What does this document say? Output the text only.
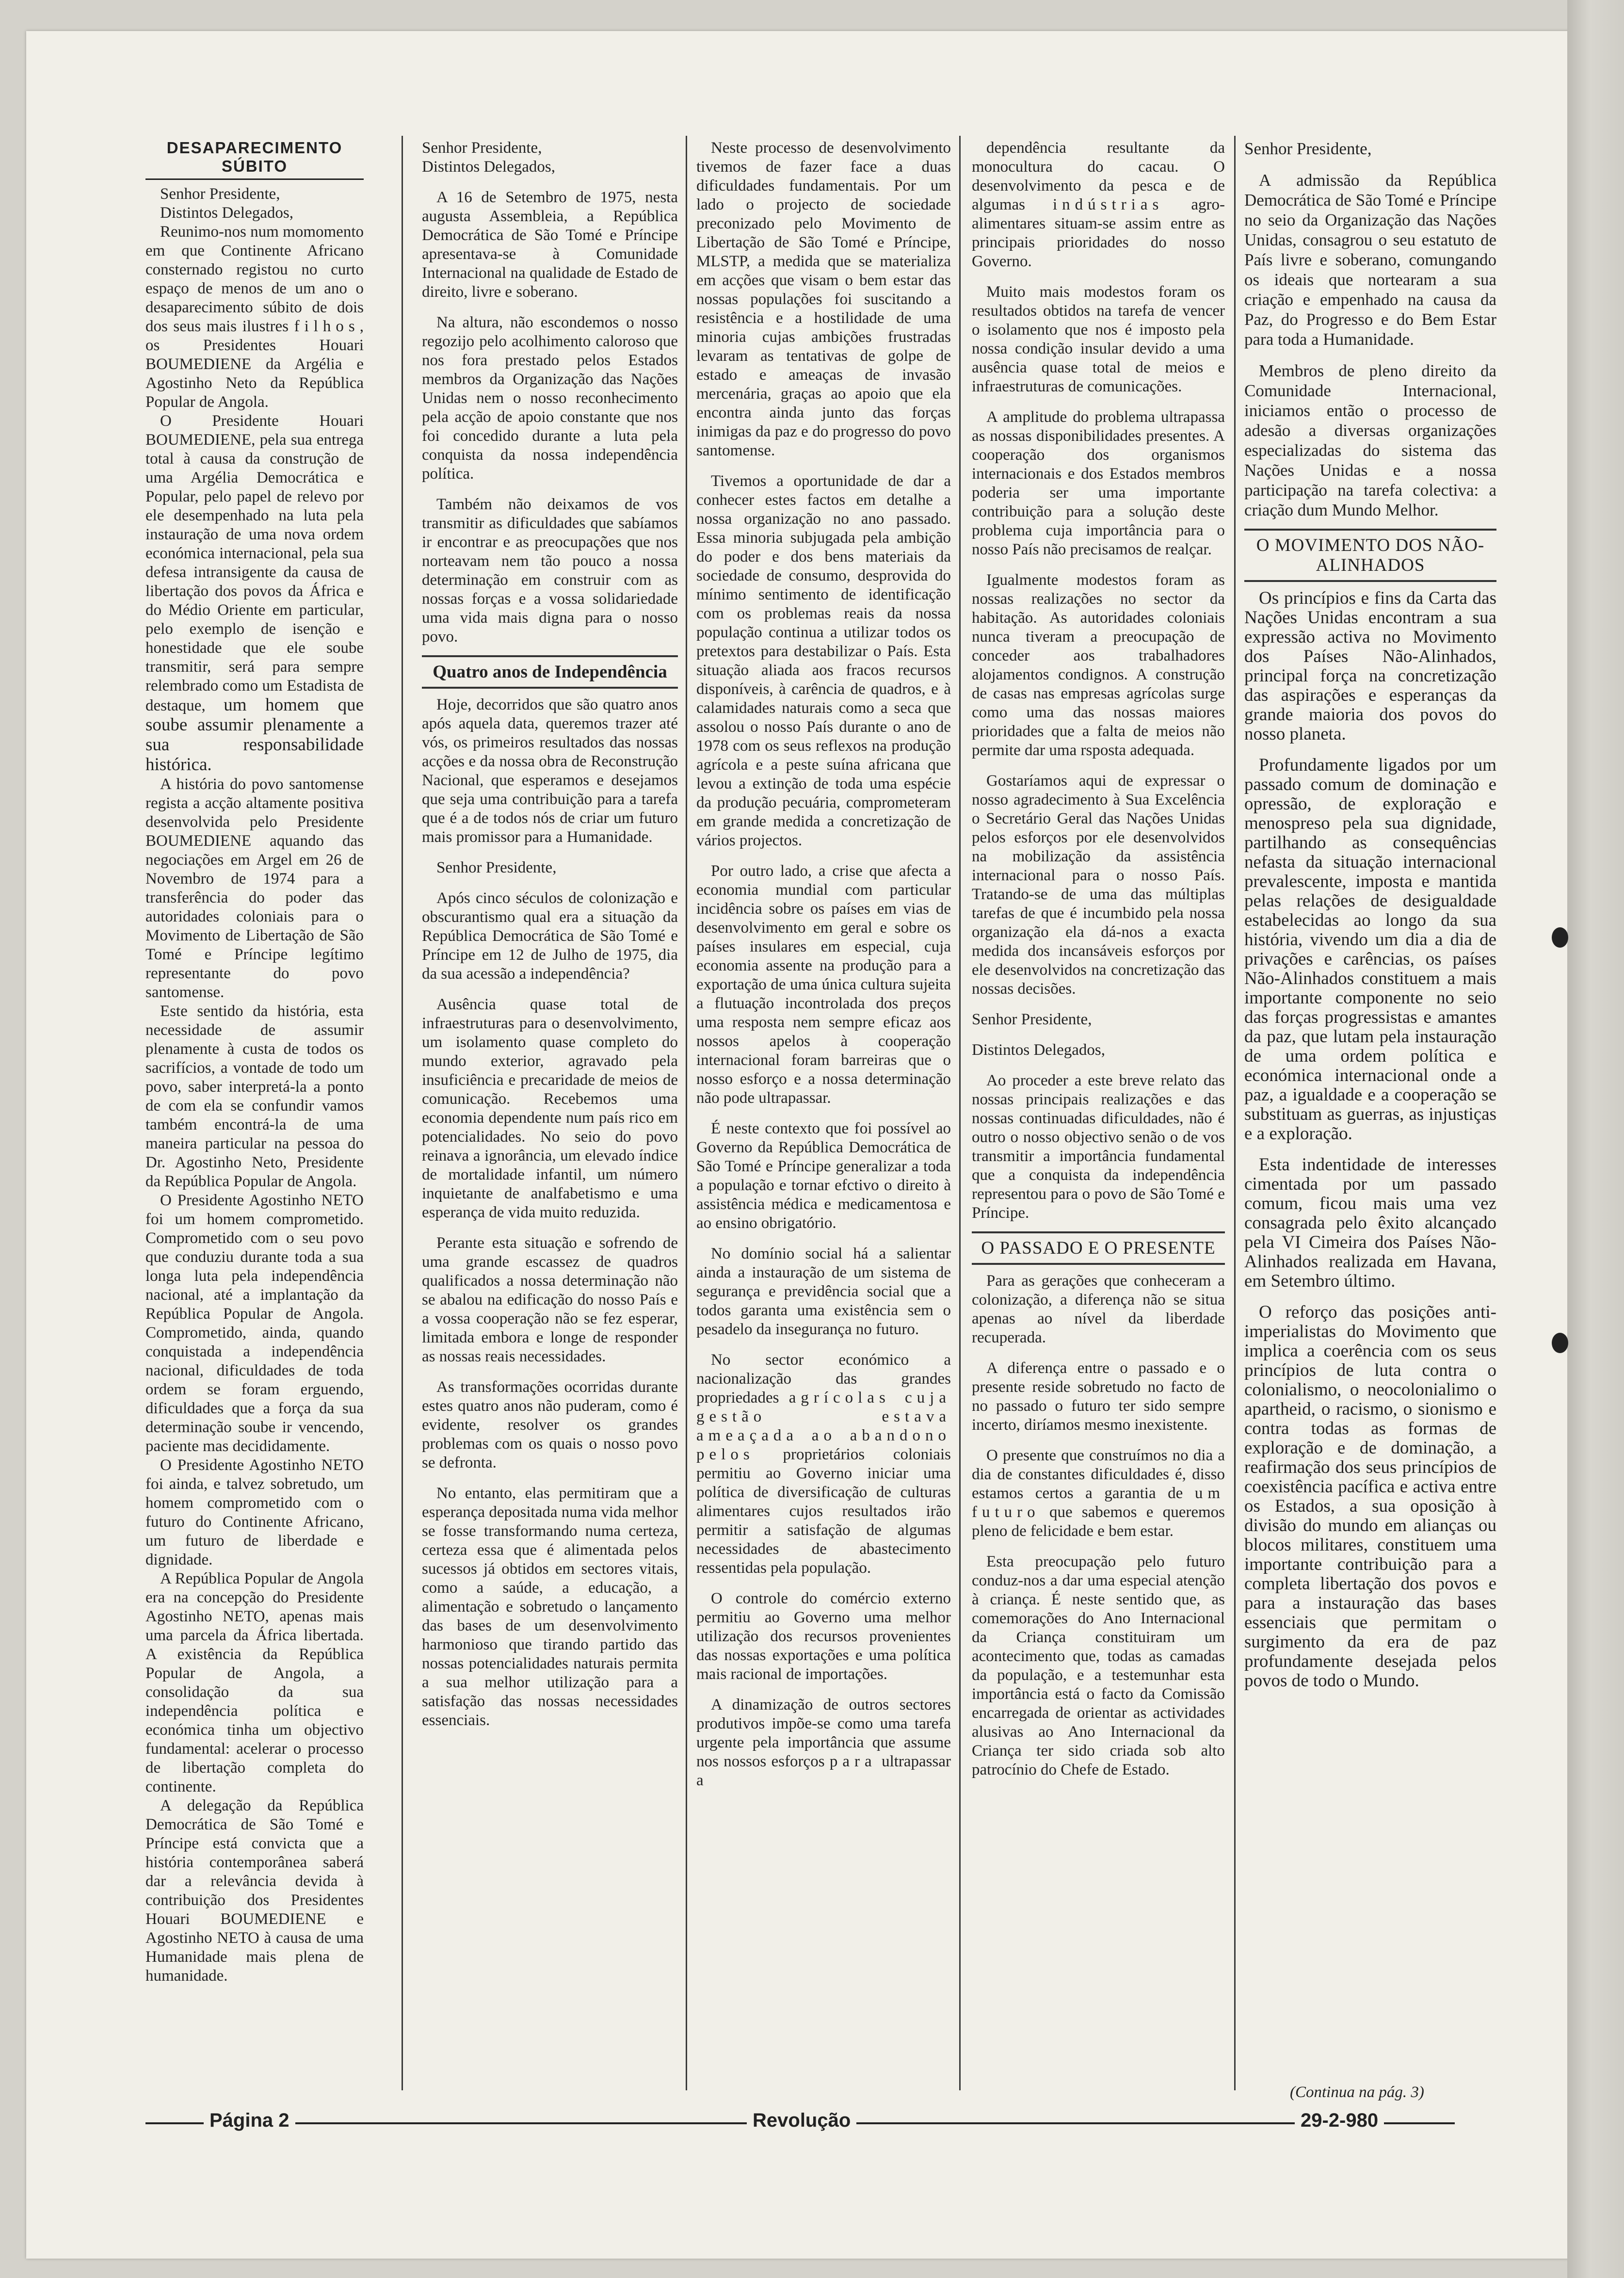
DESAPARECIMENTO SÚBITO

Senhor Presidente,

Distintos Delegados,

Reunimo-nos num momomento em que Continente Africano consternado registou no curto espaço de menos de um ano o desaparecimento súbito de dois dos seus mais ilustres filhos, os Presidentes Houari BOUMEDIENE da Argélia e Agostinho Neto da República Popular de Angola.

O Presidente Houari BOUMEDIENE, pela sua entrega total à causa da construção de uma Argélia Democrática e Popular, pelo papel de relevo por ele desempenhado na luta pela instauração de uma nova ordem económica internacional, pela sua defesa intransigente da causa de libertação dos povos da África e do Médio Oriente em particular, pelo exemplo de isenção e honestidade que ele soube transmitir, será para sempre relembrado como um Estadista de destaque, um homem que soube assumir plenamente a sua responsabilidade histórica.

A história do povo santomense regista a acção altamente positiva desenvolvida pelo Presidente BOUMEDIENE aquando das negociações em Argel em 26 de Novembro de 1974 para a transferência do poder das autoridades coloniais para o Movimento de Libertação de São Tomé e Príncipe legítimo representante do povo santomense.

Este sentido da história, esta necessidade de assumir plenamente à custa de todos os sacrifícios, a vontade de todo um povo, saber interpretá-la a ponto de com ela se confundir vamos também encontrá-la de uma maneira particular na pessoa do Dr. Agostinho Neto, Presidente da República Popular de Angola.

O Presidente Agostinho NETO foi um homem comprometido. Comprometido com o seu povo que conduziu durante toda a sua longa luta pela independência nacional, até a implantação da República Popular de Angola. Comprometido, ainda, quando conquistada a independência nacional, dificuldades de toda ordem se foram erguendo, dificuldades que a força da sua determinação soube ir vencendo, paciente mas decididamente.

O Presidente Agostinho NETO foi ainda, e talvez sobretudo, um homem comprometido com o futuro do Continente Africano, um futuro de liberdade e dignidade.

A República Popular de Angola era na concepção do Presidente Agostinho NETO, apenas mais uma parcela da África libertada. A existência da República Popular de Angola, a consolidação da sua independência política e económica tinha um objectivo fundamental: acelerar o processo de libertação completa do continente.

A delegação da República Democrática de São Tomé e Príncipe está convicta que a história contemporânea saberá dar a relevância devida à contribuição dos Presidentes Houari BOUMEDIENE e Agostinho NETO à causa de uma Humanidade mais plena de humanidade.

Senhor Presidente,

Distintos Delegados,

A 16 de Setembro de 1975, nesta augusta Assembleia, a República Democrática de São Tomé e Príncipe apresentava-se à Comunidade Internacional na qualidade de Estado de direito, livre e soberano.

Na altura, não escondemos o nosso regozijo pelo acolhimento caloroso que nos fora prestado pelos Estados membros da Organização das Nações Unidas nem o nosso reconhecimento pela acção de apoio constante que nos foi concedido durante a luta pela conquista da nossa independência política.

Também não deixamos de vos transmitir as dificuldades que sabíamos ir encontrar e as preocupações que nos norteavam nem tão pouco a nossa determinação em construir com as nossas forças e a vossa solidariedade uma vida mais digna para o nosso povo.

Quatro anos de Independência

Hoje, decorridos que são quatro anos após aquela data, queremos trazer até vós, os primeiros resultados das nossas acções e da nossa obra de Reconstrução Nacional, que esperamos e desejamos que seja uma contribuição para a tarefa que é a de todos nós de criar um futuro mais promissor para a Humanidade.

Senhor Presidente,

Após cinco séculos de colonização e obscurantismo qual era a situação da República Democrática de São Tomé e Príncipe em 12 de Julho de 1975, dia da sua acessão a independência?

Ausência quase total de infraestruturas para o desenvolvimento, um isolamento quase completo do mundo exterior, agravado pela insuficiência e precaridade de meios de comunicação. Recebemos uma economia dependente num país rico em potencialidades. No seio do povo reinava a ignorância, um elevado índice de mortalidade infantil, um número inquietante de analfabetismo e uma esperança de vida muito reduzida.

Perante esta situação e sofrendo de uma grande escassez de quadros qualificados a nossa determinação não se abalou na edificação do nosso País e a vossa cooperação não se fez esperar, limitada embora e longe de responder as nossas reais necessidades.

As transformações ocorridas durante estes quatro anos não puderam, como é evidente, resolver os grandes problemas com os quais o nosso povo se defronta.

No entanto, elas permitiram que a esperança depositada numa vida melhor se fosse transformando numa certeza, certeza essa que é alimentada pelos sucessos já obtidos em sectores vitais, como a saúde, a educação, a alimentação e sobretudo o lançamento das bases de um desenvolvimento harmonioso que tirando partido das nossas potencialidades naturais permita a sua melhor utilização para a satisfação das nossas necessidades essenciais.

Neste processo de desenvolvimento tivemos de fazer face a duas dificuldades fundamentais. Por um lado o projecto de sociedade preconizado pelo Movimento de Libertação de São Tomé e Príncipe, MLSTP, a medida que se materializa em acções que visam o bem estar das nossas populações foi suscitando a resistência e a hostilidade de uma minoria cujas ambições frustradas levaram as tentativas de golpe de estado e ameaças de invasão mercenária, graças ao apoio que ela encontra ainda junto das forças inimigas da paz e do progresso do povo santomense.

Tivemos a oportunidade de dar a conhecer estes factos em detalhe a nossa organização no ano passado. Essa minoria subjugada pela ambição do poder e dos bens materiais da sociedade de consumo, desprovida do mínimo sentimento de identificação com os problemas reais da nossa população continua a utilizar todos os pretextos para destabilizar o País. Esta situação aliada aos fracos recursos disponíveis, à carência de quadros, e à calamidades naturais como a seca que assolou o nosso País durante o ano de 1978 com os seus reflexos na produção agrícola e a peste suína africana que levou a extinção de toda uma espécie da produção pecuária, comprometeram em grande medida a concretização de vários projectos.

Por outro lado, a crise que afecta a economia mundial com particular incidência sobre os países em vias de desenvolvimento em geral e sobre os países insulares em especial, cuja economia assente na produção para a exportação de uma única cultura sujeita a flutuação incontrolada dos preços uma resposta nem sempre eficaz aos nossos apelos à cooperação internacional foram barreiras que o nosso esforço e a nossa determinação não pode ultrapassar.

É neste contexto que foi possível ao Governo da República Democrática de São Tomé e Príncipe generalizar a toda a população e tornar efctivo o direito à assistência médica e medicamentosa e ao ensino obrigatório.

No domínio social há a salientar ainda a instauração de um sistema de segurança e previdência social que a todos garanta uma existência sem o pesadelo da insegurança no futuro.

No sector económico a nacionalização das grandes propriedades agrícolas cuja gestão estava ameaçada ao abandono pelos proprietários coloniais permitiu ao Governo iniciar uma política de diversificação de culturas alimentares cujos resultados irão permitir a satisfação de algumas necessidades de abastecimento ressentidas pela população.

O controle do comércio externo permitiu ao Governo uma melhor utilização dos recursos provenientes das nossas exportações e uma política mais racional de importações.

A dinamização de outros sectores produtivos impõe-se como uma tarefa urgente pela importância que assume nos nossos esforços para ultrapassar a

dependência resultante da monocultura do cacau. O desenvolvimento da pesca e de algumas indústrias agro-alimentares situam-se assim entre as principais prioridades do nosso Governo.

Muito mais modestos foram os resultados obtidos na tarefa de vencer o isolamento que nos é imposto pela nossa condição insular devido a uma ausência quase total de meios e infraestruturas de comunicações.

A amplitude do problema ultrapassa as nossas disponibilidades presentes. A cooperação dos organismos internacionais e dos Estados membros poderia ser uma importante contribuição para a solução deste problema cuja importância para o nosso País não precisamos de realçar.

Igualmente modestos foram as nossas realizações no sector da habitação. As autoridades coloniais nunca tiveram a preocupação de conceder aos trabalhadores alojamentos condignos. A construção de casas nas empresas agrícolas surge como uma das nossas maiores prioridades que a falta de meios não permite dar uma rsposta adequada.

Gostaríamos aqui de expressar o nosso agradecimento à Sua Excelência o Secretário Geral das Nações Unidas pelos esforços por ele desenvolvidos na mobilização da assistência internacional para o nosso País. Tratando-se de uma das múltiplas tarefas de que é incumbido pela nossa organização ela dá-nos a exacta medida dos incansáveis esforços por ele desenvolvidos na concretização das nossas decisões.

Senhor Presidente,

Distintos Delegados,

Ao proceder a este breve relato das nossas principais realizações e das nossas continuadas dificuldades, não é outro o nosso objectivo senão o de vos transmitir a importância fundamental que a conquista da independência representou para o povo de São Tomé e Príncipe.

O PASSADO E O PRESENTE

Para as gerações que conheceram a colonização, a diferença não se situa apenas ao nível da liberdade recuperada.

A diferença entre o passado e o presente reside sobretudo no facto de no passado o futuro ter sido sempre incerto, diríamos mesmo inexistente.

O presente que construímos no dia a dia de constantes dificuldades é, disso estamos certos a garantia de um futuro que sabemos e queremos pleno de felicidade e bem estar.

Esta preocupação pelo futuro conduz-nos a dar uma especial atenção à criança. É neste sentido que, as comemorações do Ano Internacional da Criança constituiram um acontecimento que, todas as camadas da população, e a testemunhar esta importância está o facto da Comissão encarregada de orientar as actividades alusivas ao Ano Internacional da Criança ter sido criada sob alto patrocínio do Chefe de Estado.

Senhor Presidente,

A admissão da República Democrática de São Tomé e Príncipe no seio da Organização das Nações Unidas, consagrou o seu estatuto de País livre e soberano, comungando os ideais que nortearam a sua criação e empenhado na causa da Paz, do Progresso e do Bem Estar para toda a Humanidade.

Membros de pleno direito da Comunidade Internacional, iniciamos então o processo de adesão a diversas organizações especializadas do sistema das Nações Unidas e a nossa participação na tarefa colectiva: a criação dum Mundo Melhor.

O MOVIMENTO DOS NÃO-ALINHADOS

Os princípios e fins da Carta das Nações Unidas encontram a sua expressão activa no Movimento dos Países Não-Alinhados, principal força na concretização das aspirações e esperanças da grande maioria dos povos do nosso planeta.

Profundamente ligados por um passado comum de dominação e opressão, de exploração e menospreso pela sua dignidade, partilhando as consequências nefasta da situação internacional prevalescente, imposta e mantida pelas relações de desigualdade estabelecidas ao longo da sua história, vivendo um dia a dia de privações e carências, os países Não-Alinhados constituem a mais importante componente no seio das forças progressistas e amantes da paz, que lutam pela instauração de uma ordem política e económica internacional onde a paz, a igualdade e a cooperação se substituam as guerras, as injustiças e a exploração.

Esta indentidade de interesses cimentada por um passado comum, ficou mais uma vez consagrada pelo êxito alcançado pela VI Cimeira dos Países Não-Alinhados realizada em Havana, em Setembro último.

O reforço das posições anti-imperialistas do Movimento que implica a coerência com os seus princípios de luta contra o colonialismo, o neocolonialimo o apartheid, o racismo, o sionismo e contra todas as formas de exploração e de dominação, a reafirmação dos seus princípios de coexistência pacífica e activa entre os Estados, a sua oposição à divisão do mundo em alianças ou blocos militares, constituem uma importante contribuição para a completa libertação dos povos e para a instauração das bases essenciais que permitam o surgimento da era de paz profundamente desejada pelos povos de todo o Mundo.

(Continua na pág. 3)
Página 2	Revolução	29-2-980
